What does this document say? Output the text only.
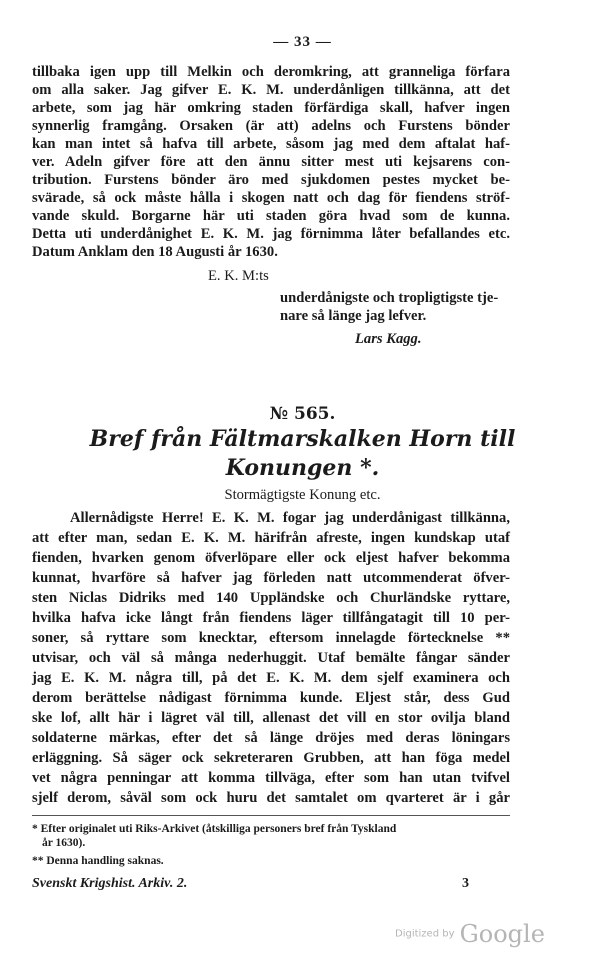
— 33 —
tillbaka igen upp till Melkin och deromkring, att granneliga förfara
om alla saker. Jag gifver E. K. M. underdånligen tillkänna, att det
arbete, som jag här omkring staden förfärdiga skall, hafver ingen
synnerlig framgång. Orsaken (är att) adelns och Furstens bönder
kan man intet så hafva till arbete, såsom jag med dem aftalat haf-
ver. Adeln gifver före att den ännu sitter mest uti kejsarens con-
tribution. Furstens bönder äro med sjukdomen pestes mycket be-
svärade, så ock måste hålla i skogen natt och dag för fiendens ströf-
vande skuld. Borgarne här uti staden göra hvad som de kunna.
Detta uti underdånighet E. K. M. jag förnimma låter befallandes etc.
Datum Anklam den 18 Augusti år 1630.
E. K. M:ts
underdånigste och tropligtigste tje-
nare så länge jag lefver.
Lars Kagg.
№ 565.
Bref från Fältmarskalken Horn till
Konungen *.
Stormägtigste Konung etc.
Allernådigste Herre! E. K. M. fogar jag underdånigast tillkänna,
att efter man, sedan E. K. M. härifrån afreste, ingen kundskap utaf
fienden, hvarken genom öfverlöpare eller ock eljest hafver bekomma
kunnat, hvarföre så hafver jag förleden natt utcommenderat öfver-
sten Niclas Didriks med 140 Uppländske och Churländske ryttare,
hvilka hafva icke långt från fiendens läger tillfångatagit till 10 per-
soner, så ryttare som knecktar, eftersom innelagde förtecknelse **
utvisar, och väl så många nederhuggit. Utaf bemälte fångar sänder
jag E. K. M. några till, på det E. K. M. dem sjelf examinera och
derom berättelse nådigast förnimma kunde. Eljest står, dess Gud
ske lof, allt här i lägret väl till, allenast det vill en stor ovilja bland
soldaterne märkas, efter det så länge dröjes med deras löningars
erläggning. Så säger ock sekreteraren Grubben, att han föga medel
vet några penningar att komma tillväga, efter som han utan tvifvel
sjelf derom, såväl som ock huru det samtalet om qvarteret är i går
* Efter originalet uti Riks-Arkivet (åtskilliga personers bref från Tyskland
år 1630).
** Denna handling saknas.
Svenskt Krigshist. Arkiv. 2.	3
Digitized by Google
